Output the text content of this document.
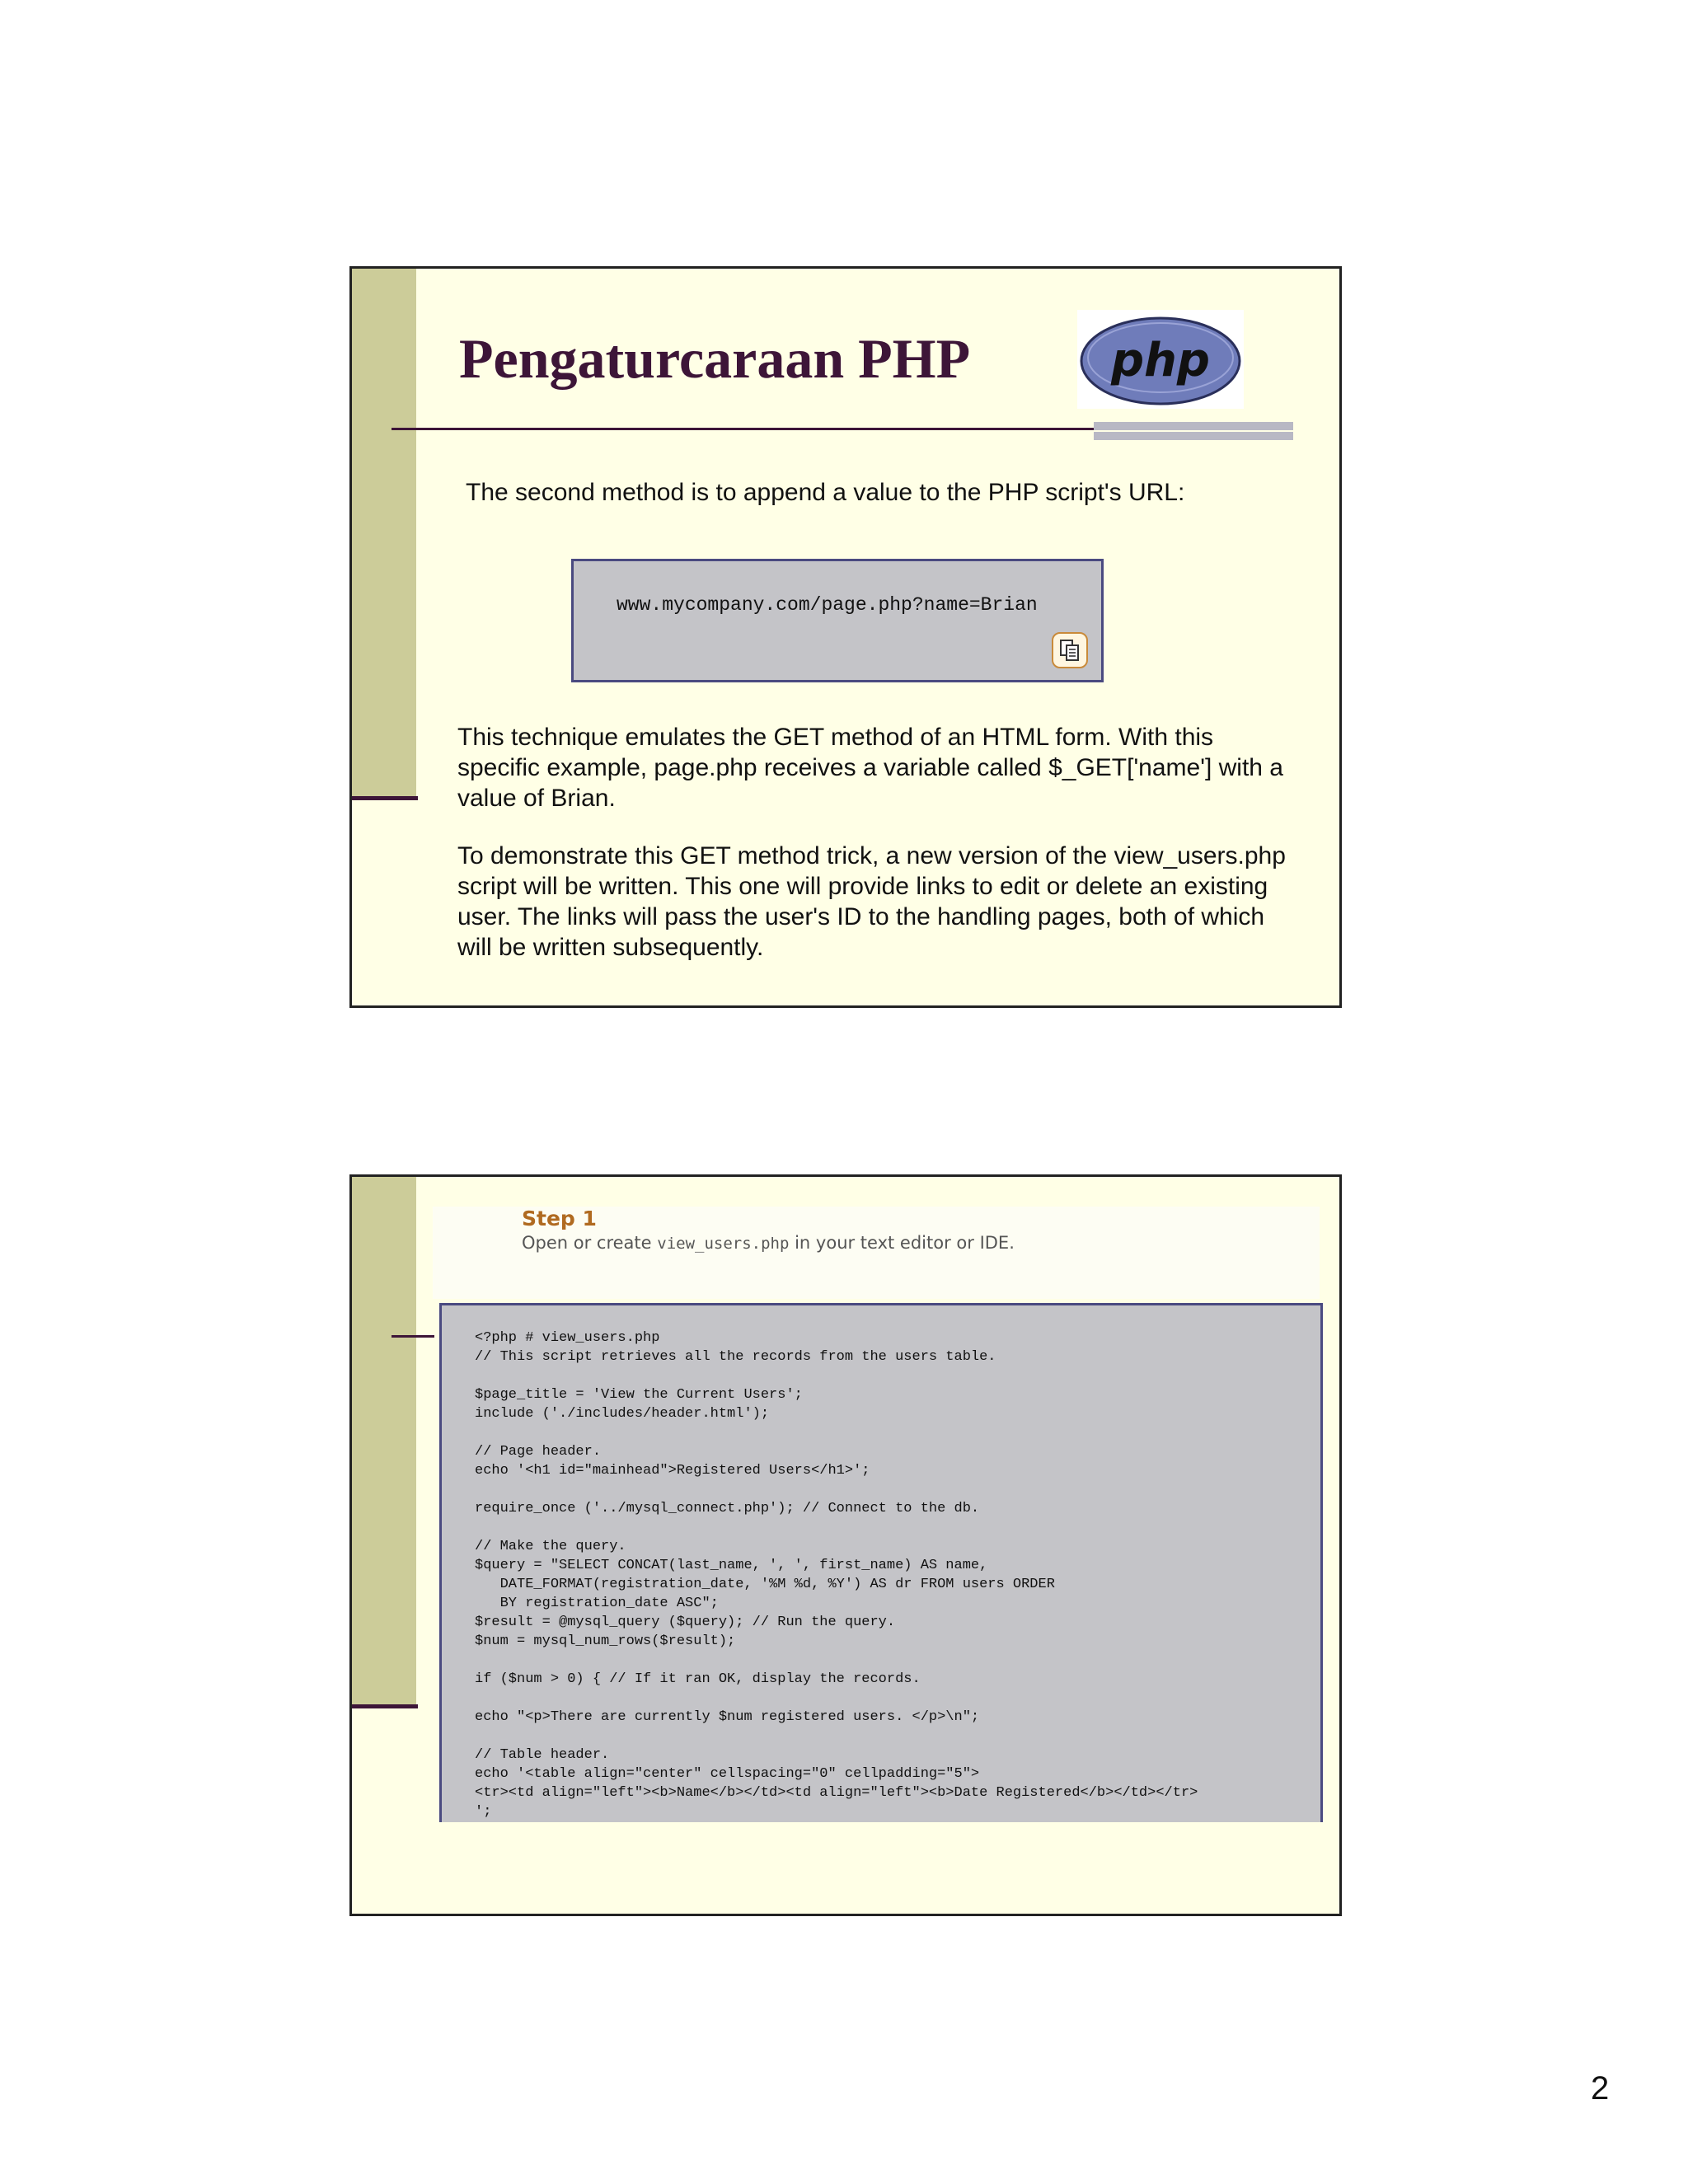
Pengaturcaraan PHP	php

The second method is to append a value to the PHP script's URL:

www.mycompany.com/page.php?name=Brian

This technique emulates the GET method of an HTML form. With this specific example, page.php receives a variable called $_GET['name'] with a value of Brian.

To demonstrate this GET method trick, a new version of the view_users.php script will be written. This one will provide links to edit or delete an existing user. The links will pass the user's ID to the handling pages, both of which will be written subsequently.

Step 1

Open or create view_users.php in your text editor or IDE.

<?php # view_users.php
// This script retrieves all the records from the users table.

$page_title = 'View the Current Users';
include ('./includes/header.html');

// Page header.
echo '<h1 id="mainhead">Registered Users</h1>';

require_once ('../mysql_connect.php'); // Connect to the db.

// Make the query.
$query = "SELECT CONCAT(last_name, ', ', first_name) AS name,
DATE_FORMAT(registration_date, '%M %d, %Y') AS dr FROM users ORDER
BY registration_date ASC";
$result = @mysql_query ($query); // Run the query.
$num = mysql_num_rows($result);

if ($num > 0) { // If it ran OK, display the records.

echo "<p>There are currently $num registered users. </p>\n";

// Table header.
echo '<table align="center" cellspacing="0" cellpadding="5">
<tr><td align="left"><b>Name</b></td><td align="left"><b>Date Registered</b></td></tr>
';
2
